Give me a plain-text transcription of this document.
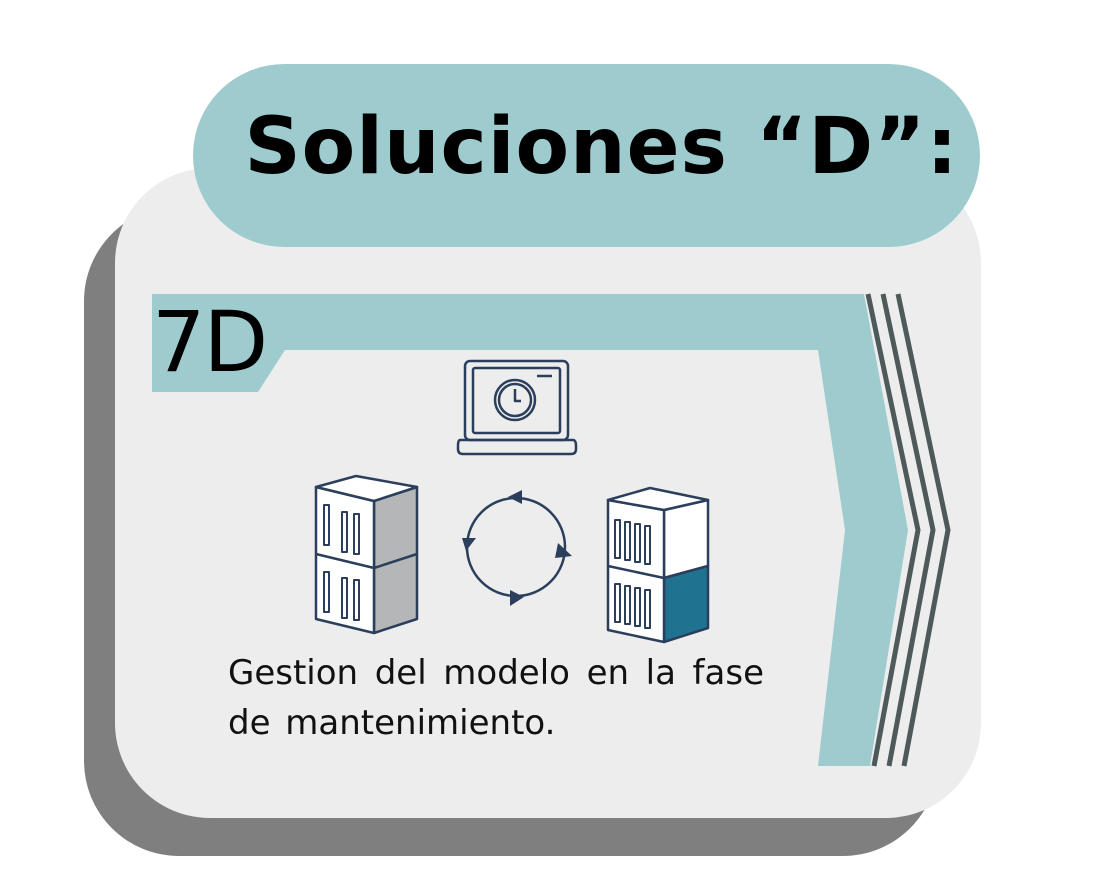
Soluciones “D”:
7D
Gestion del modelo en la fase de mantenimiento.
